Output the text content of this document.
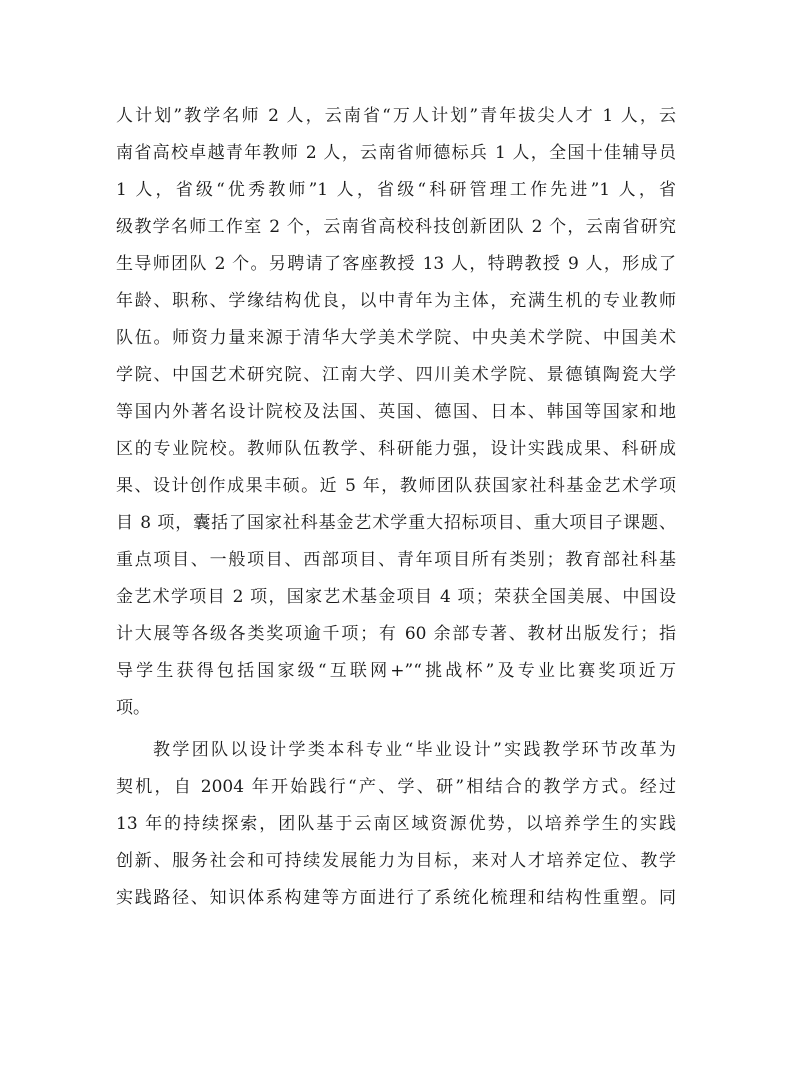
人计划”教学名师 2 人，云南省“万人计划”青年拔尖人才 1 人，云
南省高校卓越青年教师 2 人，云南省师德标兵 1 人，全国十佳辅导员
1 人，省级“优秀教师”1 人，省级“科研管理工作先进”1 人，省
级教学名师工作室 2 个，云南省高校科技创新团队 2 个，云南省研究
生导师团队 2 个。另聘请了客座教授 13 人，特聘教授 9 人，形成了
年龄、职称、学缘结构优良，以中青年为主体，充满生机的专业教师
队伍。师资力量来源于清华大学美术学院、中央美术学院、中国美术
学院、中国艺术研究院、江南大学、四川美术学院、景德镇陶瓷大学
等国内外著名设计院校及法国、英国、德国、日本、韩国等国家和地
区的专业院校。教师队伍教学、科研能力强，设计实践成果、科研成
果、设计创作成果丰硕。近 5 年，教师团队获国家社科基金艺术学项
目 8 项，囊括了国家社科基金艺术学重大招标项目、重大项目子课题、
重点项目、一般项目、西部项目、青年项目所有类别；教育部社科基
金艺术学项目 2 项，国家艺术基金项目 4 项；荣获全国美展、中国设
计大展等各级各类奖项逾千项；有 60 余部专著、教材出版发行；指
导学生获得包括国家级“互联网+”“挑战杯”及专业比赛奖项近万
项。
教学团队以设计学类本科专业“毕业设计”实践教学环节改革为
契机，自 2004 年开始践行“产、学、研”相结合的教学方式。经过
13 年的持续探索，团队基于云南区域资源优势，以培养学生的实践
创新、服务社会和可持续发展能力为目标，来对人才培养定位、教学
实践路径、知识体系构建等方面进行了系统化梳理和结构性重塑。同
